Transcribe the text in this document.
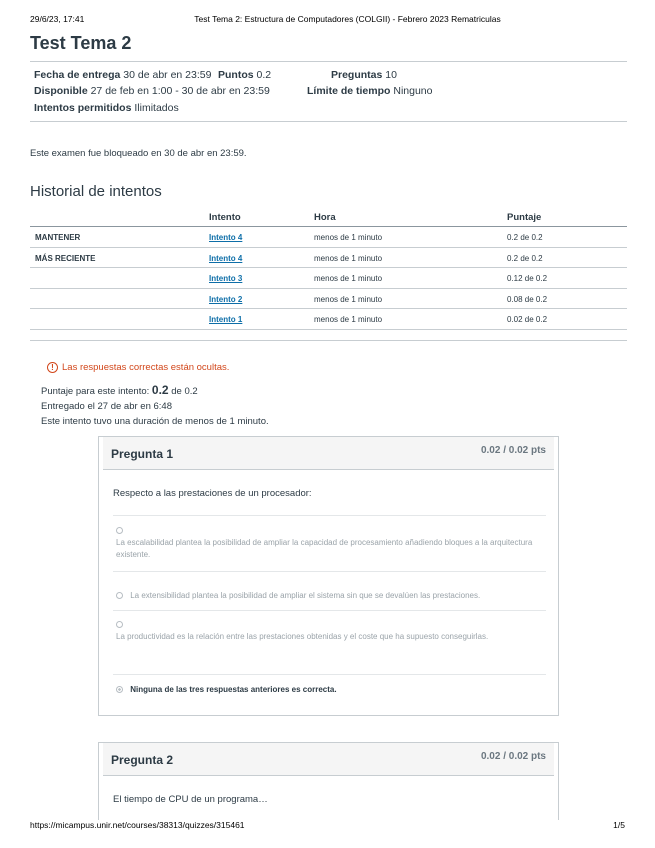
29/6/23, 17:41	Test Tema 2: Estructura de Computadores (COLGII) - Febrero 2023 Rematriculas
Test Tema 2
Fecha de entrega 30 de abr en 23:59 Puntos 0.2	Preguntas 10
Disponible 27 de feb en 1:00 - 30 de abr en 23:59	Límite de tiempo Ninguno
Intentos permitidos Ilimitados
Este examen fue bloqueado en 30 de abr en 23:59.
Historial de intentos
Intento	Hora	Puntaje
MANTENER	Intento 4	menos de 1 minuto	0.2 de 0.2
MÁS RECIENTE	Intento 4	menos de 1 minuto	0.2 de 0.2
Intento 3	menos de 1 minuto	0.12 de 0.2
Intento 2	menos de 1 minuto	0.08 de 0.2
Intento 1	menos de 1 minuto	0.02 de 0.2
! Las respuestas correctas están ocultas.
Puntaje para este intento: 0.2 de 0.2
Entregado el 27 de abr en 6:48
Este intento tuvo una duración de menos de 1 minuto.
Pregunta 1	0.02 / 0.02 pts
Respecto a las prestaciones de un procesador:

La escalabilidad plantea la posibilidad de ampliar la capacidad de procesamiento añadiendo bloques a la arquitectura existente.
La extensibilidad plantea la posibilidad de ampliar el sistema sin que se devalúen las prestaciones.

La productividad es la relación entre las prestaciones obtenidas y el coste que ha supuesto conseguirlas.
Ninguna de las tres respuestas anteriores es correcta.
Pregunta 2	0.02 / 0.02 pts
El tiempo de CPU de un programa…
https://micampus.unir.net/courses/38313/quizzes/315461	1/5
